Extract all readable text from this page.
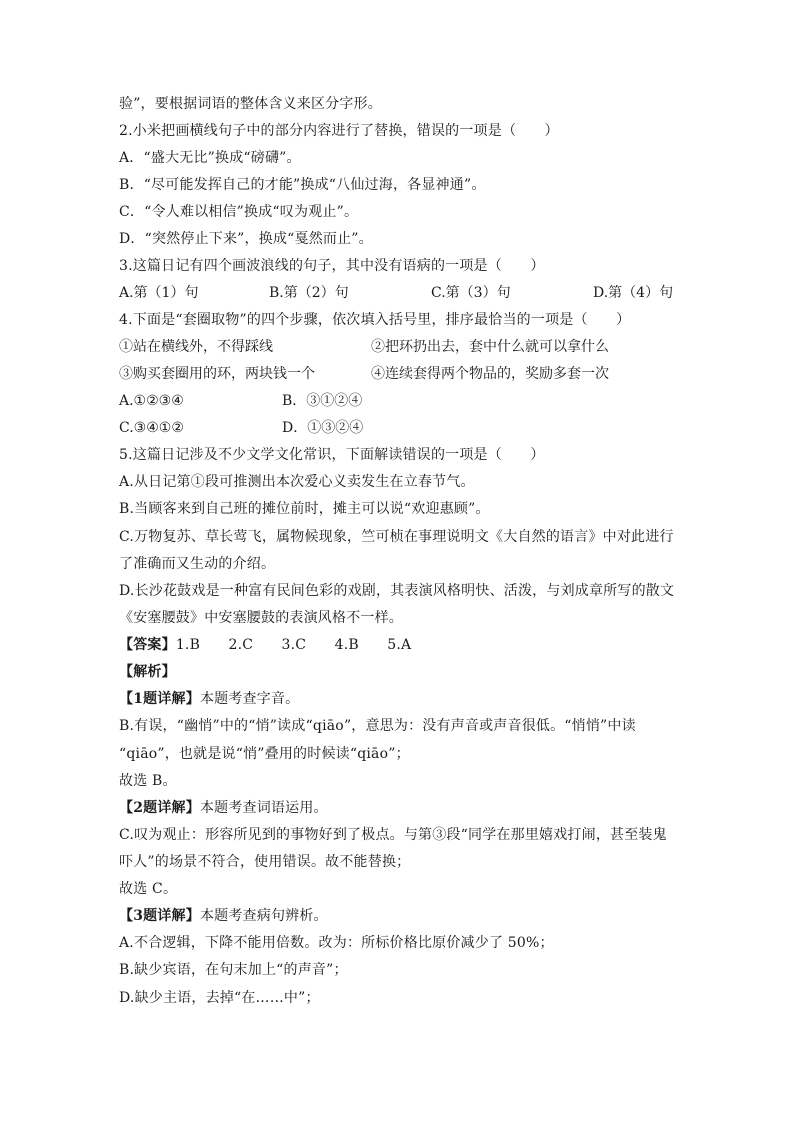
验”，要根据词语的整体含义来区分字形。
2.小米把画横线句子中的部分内容进行了替换，错误的一项是（　　）
A．“盛大无比”换成“磅礴”。
B．“尽可能发挥自己的才能”换成“八仙过海，各显神通”。
C．“令人难以相信”换成“叹为观止”。
D．“突然停止下来”，换成“戛然而止”。
3.这篇日记有四个画波浪线的句子，其中没有语病的一项是（　　）
A.第（1）句	B.第（2）句	C.第（3）句	D.第（4）句
4.下面是“套圈取物”的四个步骤，依次填入括号里，排序最恰当的一项是（　　）
①站在横线外，不得踩线	②把环扔出去，套中什么就可以拿什么
③购买套圈用的环，两块钱一个	④连续套得两个物品的，奖励多套一次
A.①②③④	B．③①②④
C.③④①②	D．①③②④
5.这篇日记涉及不少文学文化常识，下面解读错误的一项是（　　）
A.从日记第①段可推测出本次爱心义卖发生在立春节气。
B.当顾客来到自己班的摊位前时，摊主可以说“欢迎惠顾”。
C.万物复苏、草长莺飞，属物候现象，竺可桢在事理说明文《大自然的语言》中对此进行
了准确而又生动的介绍。
D.长沙花鼓戏是一种富有民间色彩的戏剧，其表演风格明快、活泼，与刘成章所写的散文
《安塞腰鼓》中安塞腰鼓的表演风格不一样。
【答案】1.B　　2.C　　3.C　　4.B　　5.A
【解析】
【1题详解】本题考查字音。
B.有误，“幽悄”中的“悄”读成“qiāo”，意思为：没有声音或声音很低。“悄悄”中读
“qiāo”，也就是说“悄”叠用的时候读“qiāo”；
故选 B。
【2题详解】本题考查词语运用。
C.叹为观止：形容所见到的事物好到了极点。与第③段“同学在那里嬉戏打闹，甚至装鬼
吓人”的场景不符合，使用错误。故不能替换；
故选 C。
【3题详解】本题考查病句辨析。
A.不合逻辑，下降不能用倍数。改为：所标价格比原价减少了 50%；
B.缺少宾语，在句末加上“的声音”；
D.缺少主语，去掉“在……中”；
